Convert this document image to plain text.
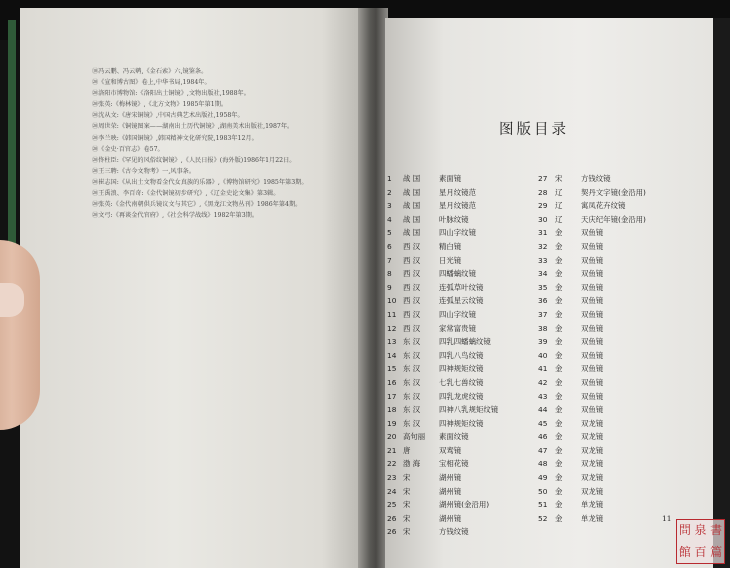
⑩冯云鹏、冯云鹓,《金石索》六,镜鉴条。
⑳《宣和博古图》卷上,中华书局,1984年。
⑳洛阳市博物馆:《洛阳出土铜镜》,文物出版社,1988年。
⑳张英:《梅林镜》,《北方文物》1985年第1期。
⑳沈从文:《唐宋铜镜》,中国古典艺术出版社,1958年。
⑳周世荣:《铜镜图案——湖南出土历代铜镜》,湖南美术出版社,1987年。
⑳李兰映:《韩国铜镜》,韩国精神文化研究院,1983年12月。
⑳《金史·百官志》卷57。
⑳佟柱臣:《罕见的风俗纹铜镜》,《人民日报》(海外版)1986年1月22日。
⑳王三聘:《古今文物考》一,风事条。
⑳崔志国:《从出土文物看金代女真族的乐器》,《博物馆研究》1985年第3期。
⑳王禹浪、李百奇:《金代铜镜初步研究》,《辽金史论文集》第3辑。
⑳张英:《金代南朝供兵镜议文与其它》,《黑龙江文物丛刊》1986年第4期。
⑳文弓:《再谈金代官府》,《社会科学战线》1982年第3期。
图版目录
1	战 国	素面镜
2	战 国	星月纹镜范
3	战 国	星月纹镜范
4	战 国	叶脉纹镜
5	战 国	四山字纹镜
6	西 汉	精白镜
7	西 汉	日光镜
8	西 汉	四蟠螭纹镜
9	西 汉	连弧草叶纹镜
10 西 汉	连弧星云纹镜
11 西 汉	四山字纹镜
12 西 汉	家常富贵镜
13 东 汉	四乳四蟠螭纹镜
14 东 汉	四乳八鸟纹镜
15 东 汉	四神规矩纹镜
16 东 汉	七乳七兽纹镜
17 东 汉	四乳龙虎纹镜
18 东 汉	四神八乳规矩纹镜
19 东 汉	四神规矩纹镜
20 高句丽 素面纹镜
21 唐	双鸾镜
22 渤 海	宝相花镜
23 宋	湖州镜
24 宋	湖州镜
25 宋	湖州镜(金沿用)
26 宋	湖州镜
26 宋	方钱纹镜
27	宋	方钱纹镜
28	辽	契丹文字镜(金沿用)
29	辽	寓凤花卉纹镜
30	辽	天庆纪年镜(金沿用)
31	金	双鱼镜
32	金	双鱼镜
33	金	双鱼镜
34	金	双鱼镜
35	金	双鱼镜
36	金	双鱼镜
37	金	双鱼镜
38	金	双鱼镜
39	金	双鱼镜
40	金	双鱼镜
41	金	双鱼镜
42	金	双鱼镜
43	金	双鱼镜
44	金	双鱼镜
45	金	双龙镜
46	金	双龙镜
47	金	双龙镜
48	金	双龙镜
49	金	双龙镜
50	金	双龙镜
51	金	单龙镜
52	金	单龙镜	11
問 泉 書
館 百 篇
